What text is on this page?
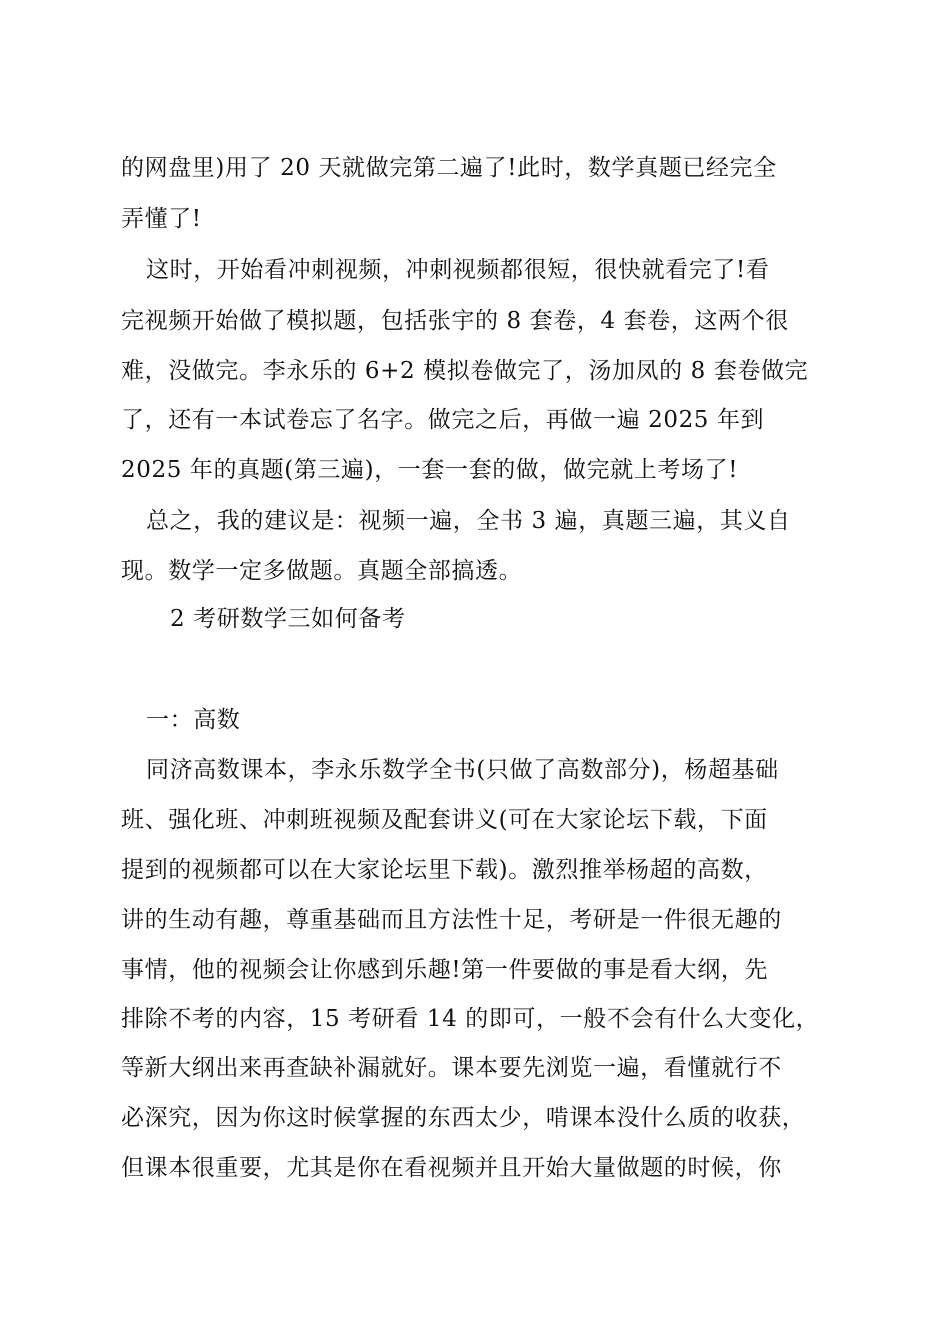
的网盘里)用了 20 天就做完第二遍了!此时，数学真题已经完全
弄懂了!
这时，开始看冲刺视频，冲刺视频都很短，很快就看完了!看
完视频开始做了模拟题，包括张宇的 8 套卷，4 套卷，这两个很
难，没做完。李永乐的 6+2 模拟卷做完了，汤加凤的 8 套卷做完
了，还有一本试卷忘了名字。做完之后，再做一遍 2025 年到
2025 年的真题(第三遍)，一套一套的做，做完就上考场了!
总之，我的建议是：视频一遍，全书 3 遍，真题三遍，其义自
现。数学一定多做题。真题全部搞透。
2 考研数学三如何备考
一：高数
同济高数课本，李永乐数学全书(只做了高数部分)，杨超基础
班、强化班、冲刺班视频及配套讲义(可在大家论坛下载，下面
提到的视频都可以在大家论坛里下载)。激烈推举杨超的高数，
讲的生动有趣，尊重基础而且方法性十足，考研是一件很无趣的
事情，他的视频会让你感到乐趣!第一件要做的事是看大纲，先
排除不考的内容，15 考研看 14 的即可，一般不会有什么大变化，
等新大纲出来再查缺补漏就好。课本要先浏览一遍，看懂就行不
必深究，因为你这时候掌握的东西太少，啃课本没什么质的收获，
但课本很重要，尤其是你在看视频并且开始大量做题的时候，你
